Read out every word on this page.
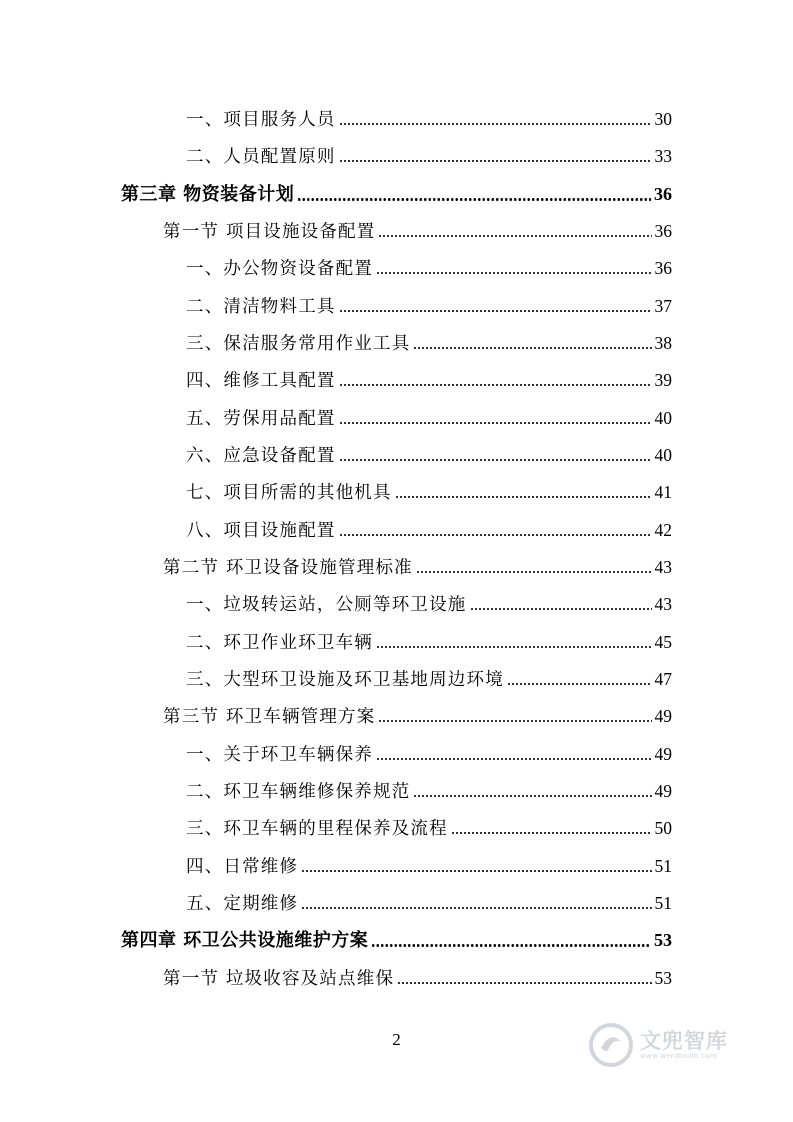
一、项目服务人员	30
二、人员配置原则	33
第三章 物资装备计划	36
第一节 项目设施设备配置	36
一、办公物资设备配置	36
二、清洁物料工具	37
三、保洁服务常用作业工具	38
四、维修工具配置	39
五、劳保用品配置	40
六、应急设备配置	40
七、项目所需的其他机具	41
八、项目设施配置	42
第二节 环卫设备设施管理标准	43
一、垃圾转运站，公厕等环卫设施	43
二、环卫作业环卫车辆	45
三、大型环卫设施及环卫基地周边环境	47
第三节 环卫车辆管理方案	49
一、关于环卫车辆保养	49
二、环卫车辆维修保养规范	49
三、环卫车辆的里程保养及流程	50
四、日常维修	51
五、定期维修	51
第四章 环卫公共设施维护方案	53
第一节 垃圾收容及站点维保	53
2	文兜智库
www.wendoulib.com
